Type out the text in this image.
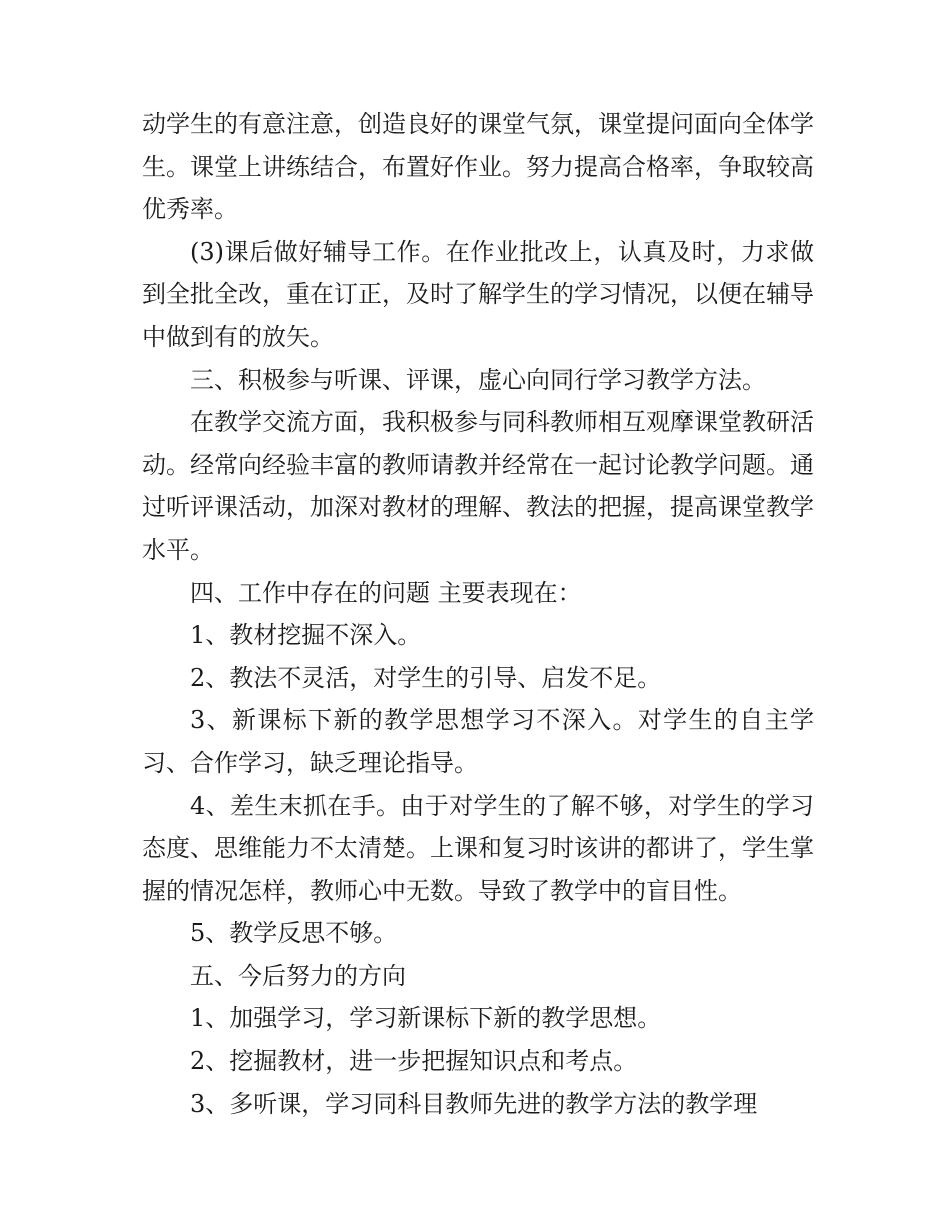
动学生的有意注意，创造良好的课堂气氛，课堂提问面向全体学生。课堂上讲练结合，布置好作业。努力提高合格率，争取较高优秀率。

(3)课后做好辅导工作。在作业批改上，认真及时，力求做到全批全改，重在订正，及时了解学生的学习情况，以便在辅导中做到有的放矢。

三、积极参与听课、评课，虚心向同行学习教学方法。

在教学交流方面，我积极参与同科教师相互观摩课堂教研活动。经常向经验丰富的教师请教并经常在一起讨论教学问题。通过听评课活动，加深对教材的理解、教法的把握，提高课堂教学水平。

四、工作中存在的问题 主要表现在：

1、教材挖掘不深入。

2、教法不灵活，对学生的引导、启发不足。

3、新课标下新的教学思想学习不深入。对学生的自主学习、合作学习，缺乏理论指导。

4、差生末抓在手。由于对学生的了解不够，对学生的学习态度、思维能力不太清楚。上课和复习时该讲的都讲了，学生掌握的情况怎样，教师心中无数。导致了教学中的盲目性。

5、教学反思不够。

五、今后努力的方向

1、加强学习，学习新课标下新的教学思想。

2、挖掘教材，进一步把握知识点和考点。

3、多听课，学习同科目教师先进的教学方法的教学理
